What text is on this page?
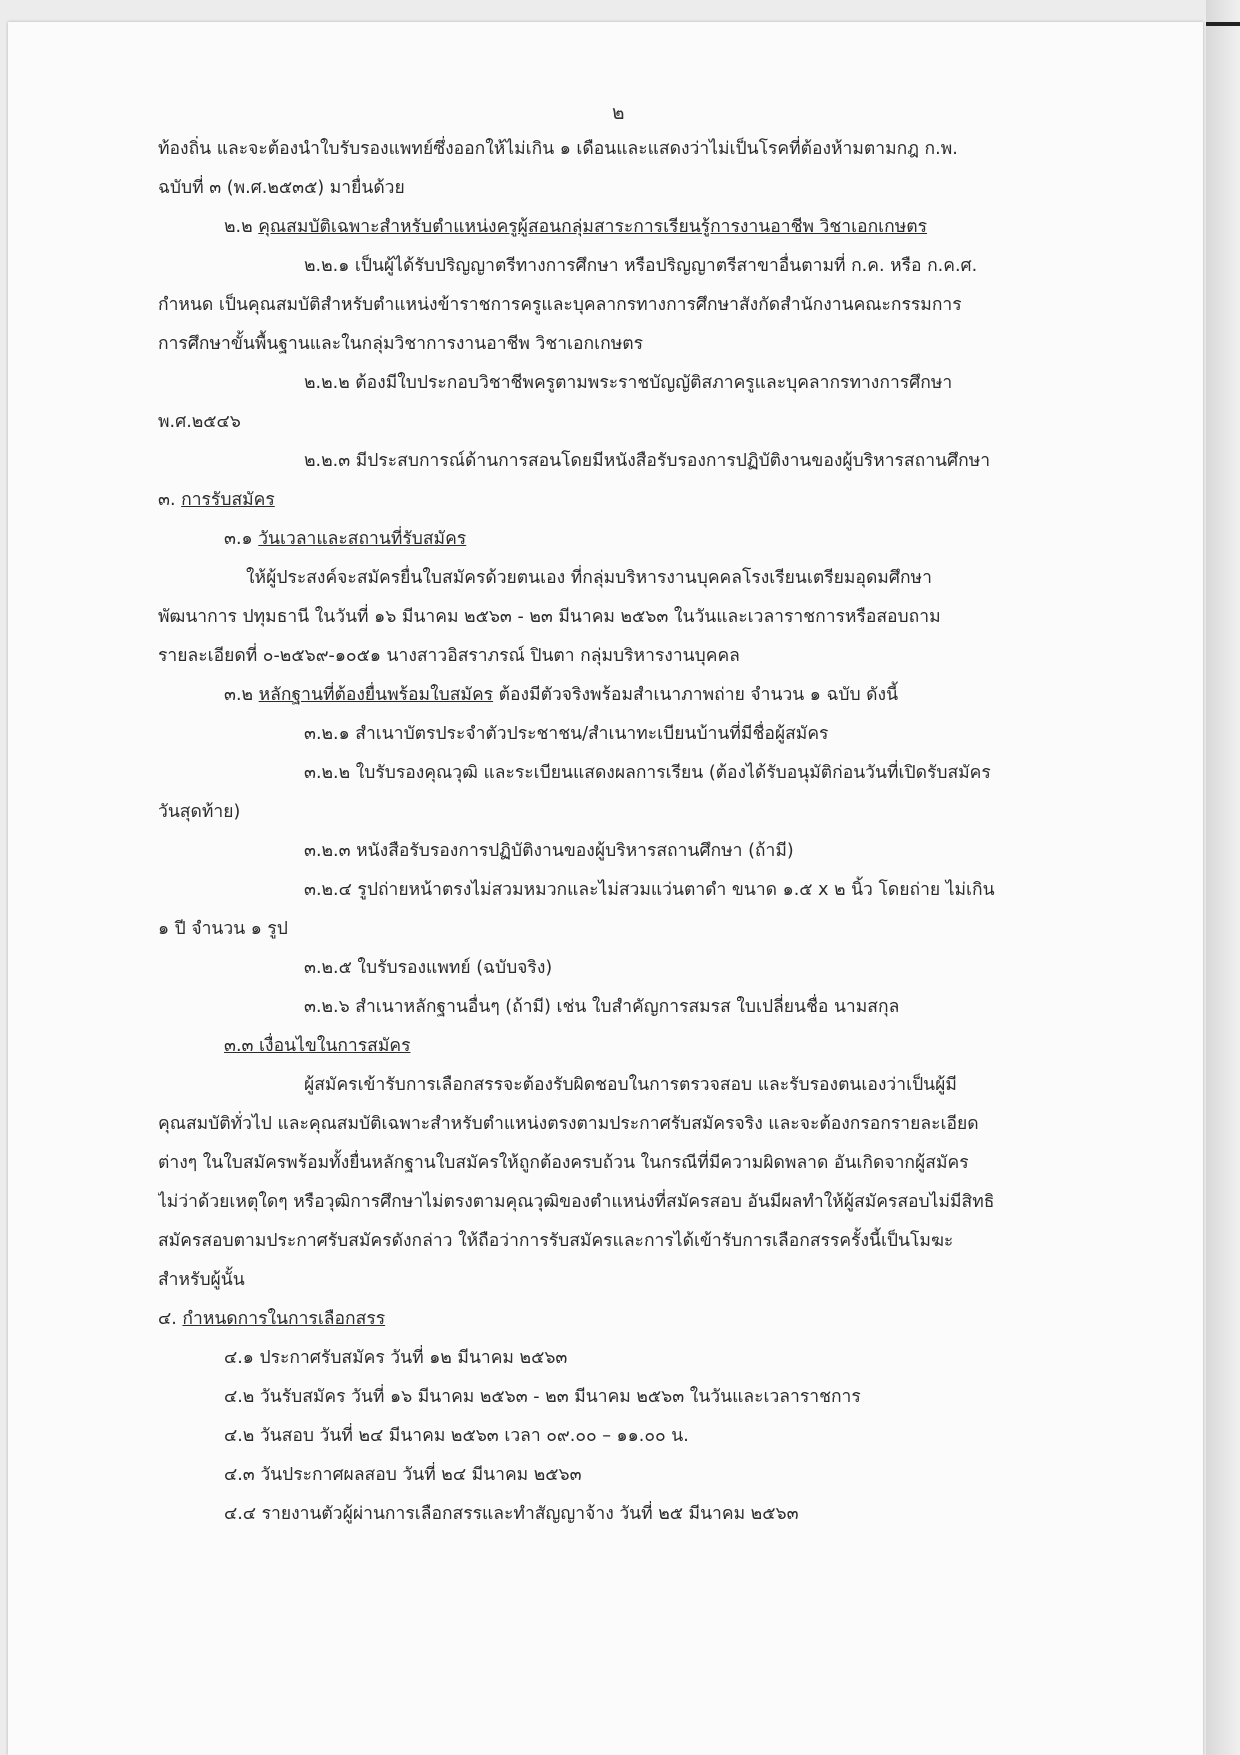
๒
ท้องถิ่น และจะต้องนำใบรับรองแพทย์ซึ่งออกให้ไม่เกิน ๑ เดือนและแสดงว่าไม่เป็นโรคที่ต้องห้ามตามกฎ ก.พ.
ฉบับที่ ๓ (พ.ศ.๒๕๓๕) มายื่นด้วย
๒.๒ คุณสมบัติเฉพาะสำหรับตำแหน่งครูผู้สอนกลุ่มสาระการเรียนรู้การงานอาชีพ วิชาเอกเกษตร
๒.๒.๑ เป็นผู้ได้รับปริญญาตรีทางการศึกษา หรือปริญญาตรีสาขาอื่นตามที่ ก.ค. หรือ ก.ค.ศ.
กำหนด เป็นคุณสมบัติสำหรับตำแหน่งข้าราชการครูและบุคลากรทางการศึกษาสังกัดสำนักงานคณะกรรมการ
การศึกษาขั้นพื้นฐานและในกลุ่มวิชาการงานอาชีพ วิชาเอกเกษตร
๒.๒.๒ ต้องมีใบประกอบวิชาชีพครูตามพระราชบัญญัติสภาครูและบุคลากรทางการศึกษา
พ.ศ.๒๕๔๖
๒.๒.๓ มีประสบการณ์ด้านการสอนโดยมีหนังสือรับรองการปฏิบัติงานของผู้บริหารสถานศึกษา
๓. การรับสมัคร
๓.๑ วันเวลาและสถานที่รับสมัคร
ให้ผู้ประสงค์จะสมัครยื่นใบสมัครด้วยตนเอง ที่กลุ่มบริหารงานบุคคลโรงเรียนเตรียมอุดมศึกษา
พัฒนาการ ปทุมธานี ในวันที่ ๑๖ มีนาคม ๒๕๖๓ - ๒๓ มีนาคม ๒๕๖๓ ในวันและเวลาราชการหรือสอบถาม
รายละเอียดที่ ๐-๒๕๖๙-๑๐๕๑ นางสาวอิสราภรณ์ ปินตา กลุ่มบริหารงานบุคคล
๓.๒ หลักฐานที่ต้องยื่นพร้อมใบสมัคร ต้องมีตัวจริงพร้อมสำเนาภาพถ่าย จำนวน ๑ ฉบับ ดังนี้
๓.๒.๑ สำเนาบัตรประจำตัวประชาชน/สำเนาทะเบียนบ้านที่มีชื่อผู้สมัคร
๓.๒.๒ ใบรับรองคุณวุฒิ และระเบียนแสดงผลการเรียน (ต้องได้รับอนุมัติก่อนวันที่เปิดรับสมัคร
วันสุดท้าย)
๓.๒.๓ หนังสือรับรองการปฏิบัติงานของผู้บริหารสถานศึกษา (ถ้ามี)
๓.๒.๔ รูปถ่ายหน้าตรงไม่สวมหมวกและไม่สวมแว่นตาดำ ขนาด ๑.๕ x ๒ นิ้ว โดยถ่าย ไม่เกิน
๑ ปี จำนวน ๑ รูป
๓.๒.๕ ใบรับรองแพทย์ (ฉบับจริง)
๓.๒.๖ สำเนาหลักฐานอื่นๆ (ถ้ามี) เช่น ใบสำคัญการสมรส ใบเปลี่ยนชื่อ นามสกุล
๓.๓ เงื่อนไขในการสมัคร
ผู้สมัครเข้ารับการเลือกสรรจะต้องรับผิดชอบในการตรวจสอบ และรับรองตนเองว่าเป็นผู้มี
คุณสมบัติทั่วไป และคุณสมบัติเฉพาะสำหรับตำแหน่งตรงตามประกาศรับสมัครจริง และจะต้องกรอกรายละเอียด
ต่างๆ ในใบสมัครพร้อมทั้งยื่นหลักฐานใบสมัครให้ถูกต้องครบถ้วน ในกรณีที่มีความผิดพลาด อันเกิดจากผู้สมัคร
ไม่ว่าด้วยเหตุใดๆ หรือวุฒิการศึกษาไม่ตรงตามคุณวุฒิของตำแหน่งที่สมัครสอบ อันมีผลทำให้ผู้สมัครสอบไม่มีสิทธิ
สมัครสอบตามประกาศรับสมัครดังกล่าว ให้ถือว่าการรับสมัครและการได้เข้ารับการเลือกสรรครั้งนี้เป็นโมฆะ
สำหรับผู้นั้น
๔. กำหนดการในการเลือกสรร
๔.๑ ประกาศรับสมัคร วันที่ ๑๒ มีนาคม ๒๕๖๓
๔.๒ วันรับสมัคร วันที่ ๑๖ มีนาคม ๒๕๖๓ - ๒๓ มีนาคม ๒๕๖๓ ในวันและเวลาราชการ
๔.๒ วันสอบ วันที่ ๒๔ มีนาคม ๒๕๖๓ เวลา ๐๙.๐๐ – ๑๑.๐๐ น.
๔.๓ วันประกาศผลสอบ วันที่ ๒๔ มีนาคม ๒๕๖๓
๔.๔ รายงานตัวผู้ผ่านการเลือกสรรและทำสัญญาจ้าง วันที่ ๒๕ มีนาคม ๒๕๖๓
